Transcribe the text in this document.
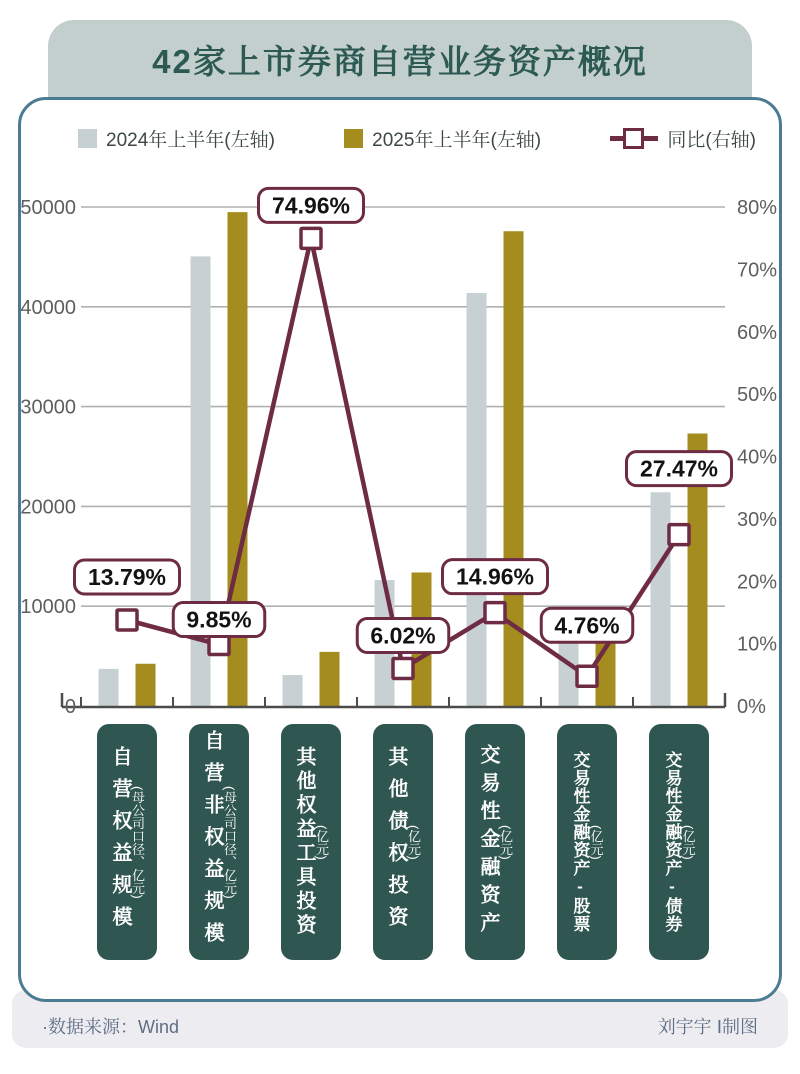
42家上市券商自营业务资产概况
2024年上半年(左轴)	2025年上半年(左轴)	同比(右轴)
0
10000
20000
30000
40000
50000
0%
10%
20%
30%
40%
50%
60%
70%
80%
13.79%
9.85%
74.96%
6.02%
14.96%
4.76%
27.47%
自营权益规模 (母公司口径、亿元)	自营非权益规模 (母公司口径、亿元)	其他权益工具投资 (亿元)	其他债权投资 (亿元)	交易性金融资产 (亿元)	交易性金融资产-股票 (亿元)	交易性金融资产-债券 (亿元)
·数据来源：Wind	刘宇宇 Ⅰ制图
